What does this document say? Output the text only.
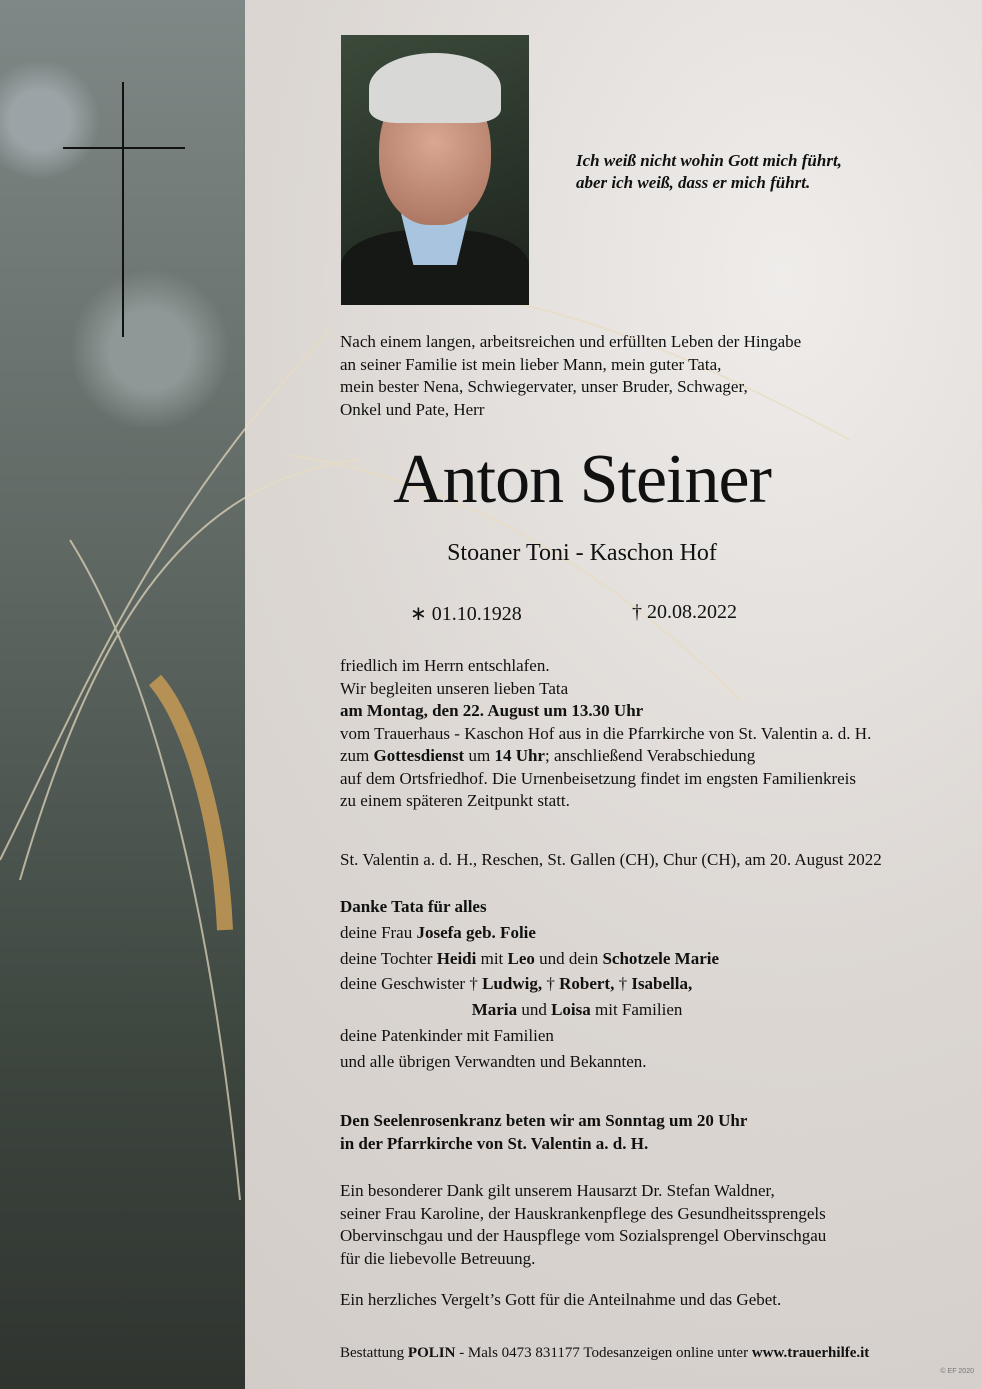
Ich weiß nicht wohin Gott mich führt,
aber ich weiß, dass er mich führt.
Nach einem langen, arbeitsreichen und erfüllten Leben der Hingabe
an seiner Familie ist mein lieber Mann, mein guter Tata,
mein bester Nena, Schwiegervater, unser Bruder, Schwager,
Onkel und Pate, Herr
Anton Steiner
Stoaner Toni - Kaschon Hof
∗ 01.10.1928	† 20.08.2022
friedlich im Herrn entschlafen.
Wir begleiten unseren lieben Tata
am Montag, den 22. August um 13.30 Uhr
vom Trauerhaus - Kaschon Hof aus in die Pfarrkirche von St. Valentin a. d. H.
zum Gottesdienst um 14 Uhr; anschließend Verabschiedung
auf dem Ortsfriedhof. Die Urnenbeisetzung findet im engsten Familienkreis
zu einem späteren Zeitpunkt statt.
St. Valentin a. d. H., Reschen, St. Gallen (CH), Chur (CH), am 20. August 2022
Danke Tata für alles
deine Frau Josefa geb. Folie
deine Tochter Heidi mit Leo und dein Schotzele Marie
deine Geschwister † Ludwig, † Robert, † Isabella,
Maria und Loisa mit Familien
deine Patenkinder mit Familien
und alle übrigen Verwandten und Bekannten.
Den Seelenrosenkranz beten wir am Sonntag um 20 Uhr
in der Pfarrkirche von St. Valentin a. d. H.
Ein besonderer Dank gilt unserem Hausarzt Dr. Stefan Waldner,
seiner Frau Karoline, der Hauskrankenpflege des Gesundheitssprengels
Obervinschgau und der Hauspflege vom Sozialsprengel Obervinschgau
für die liebevolle Betreuung.
Ein herzliches Vergelt’s Gott für die Anteilnahme und das Gebet.
Bestattung POLIN - Mals 0473 831177 Todesanzeigen online unter www.trauerhilfe.it
© EF 2020
